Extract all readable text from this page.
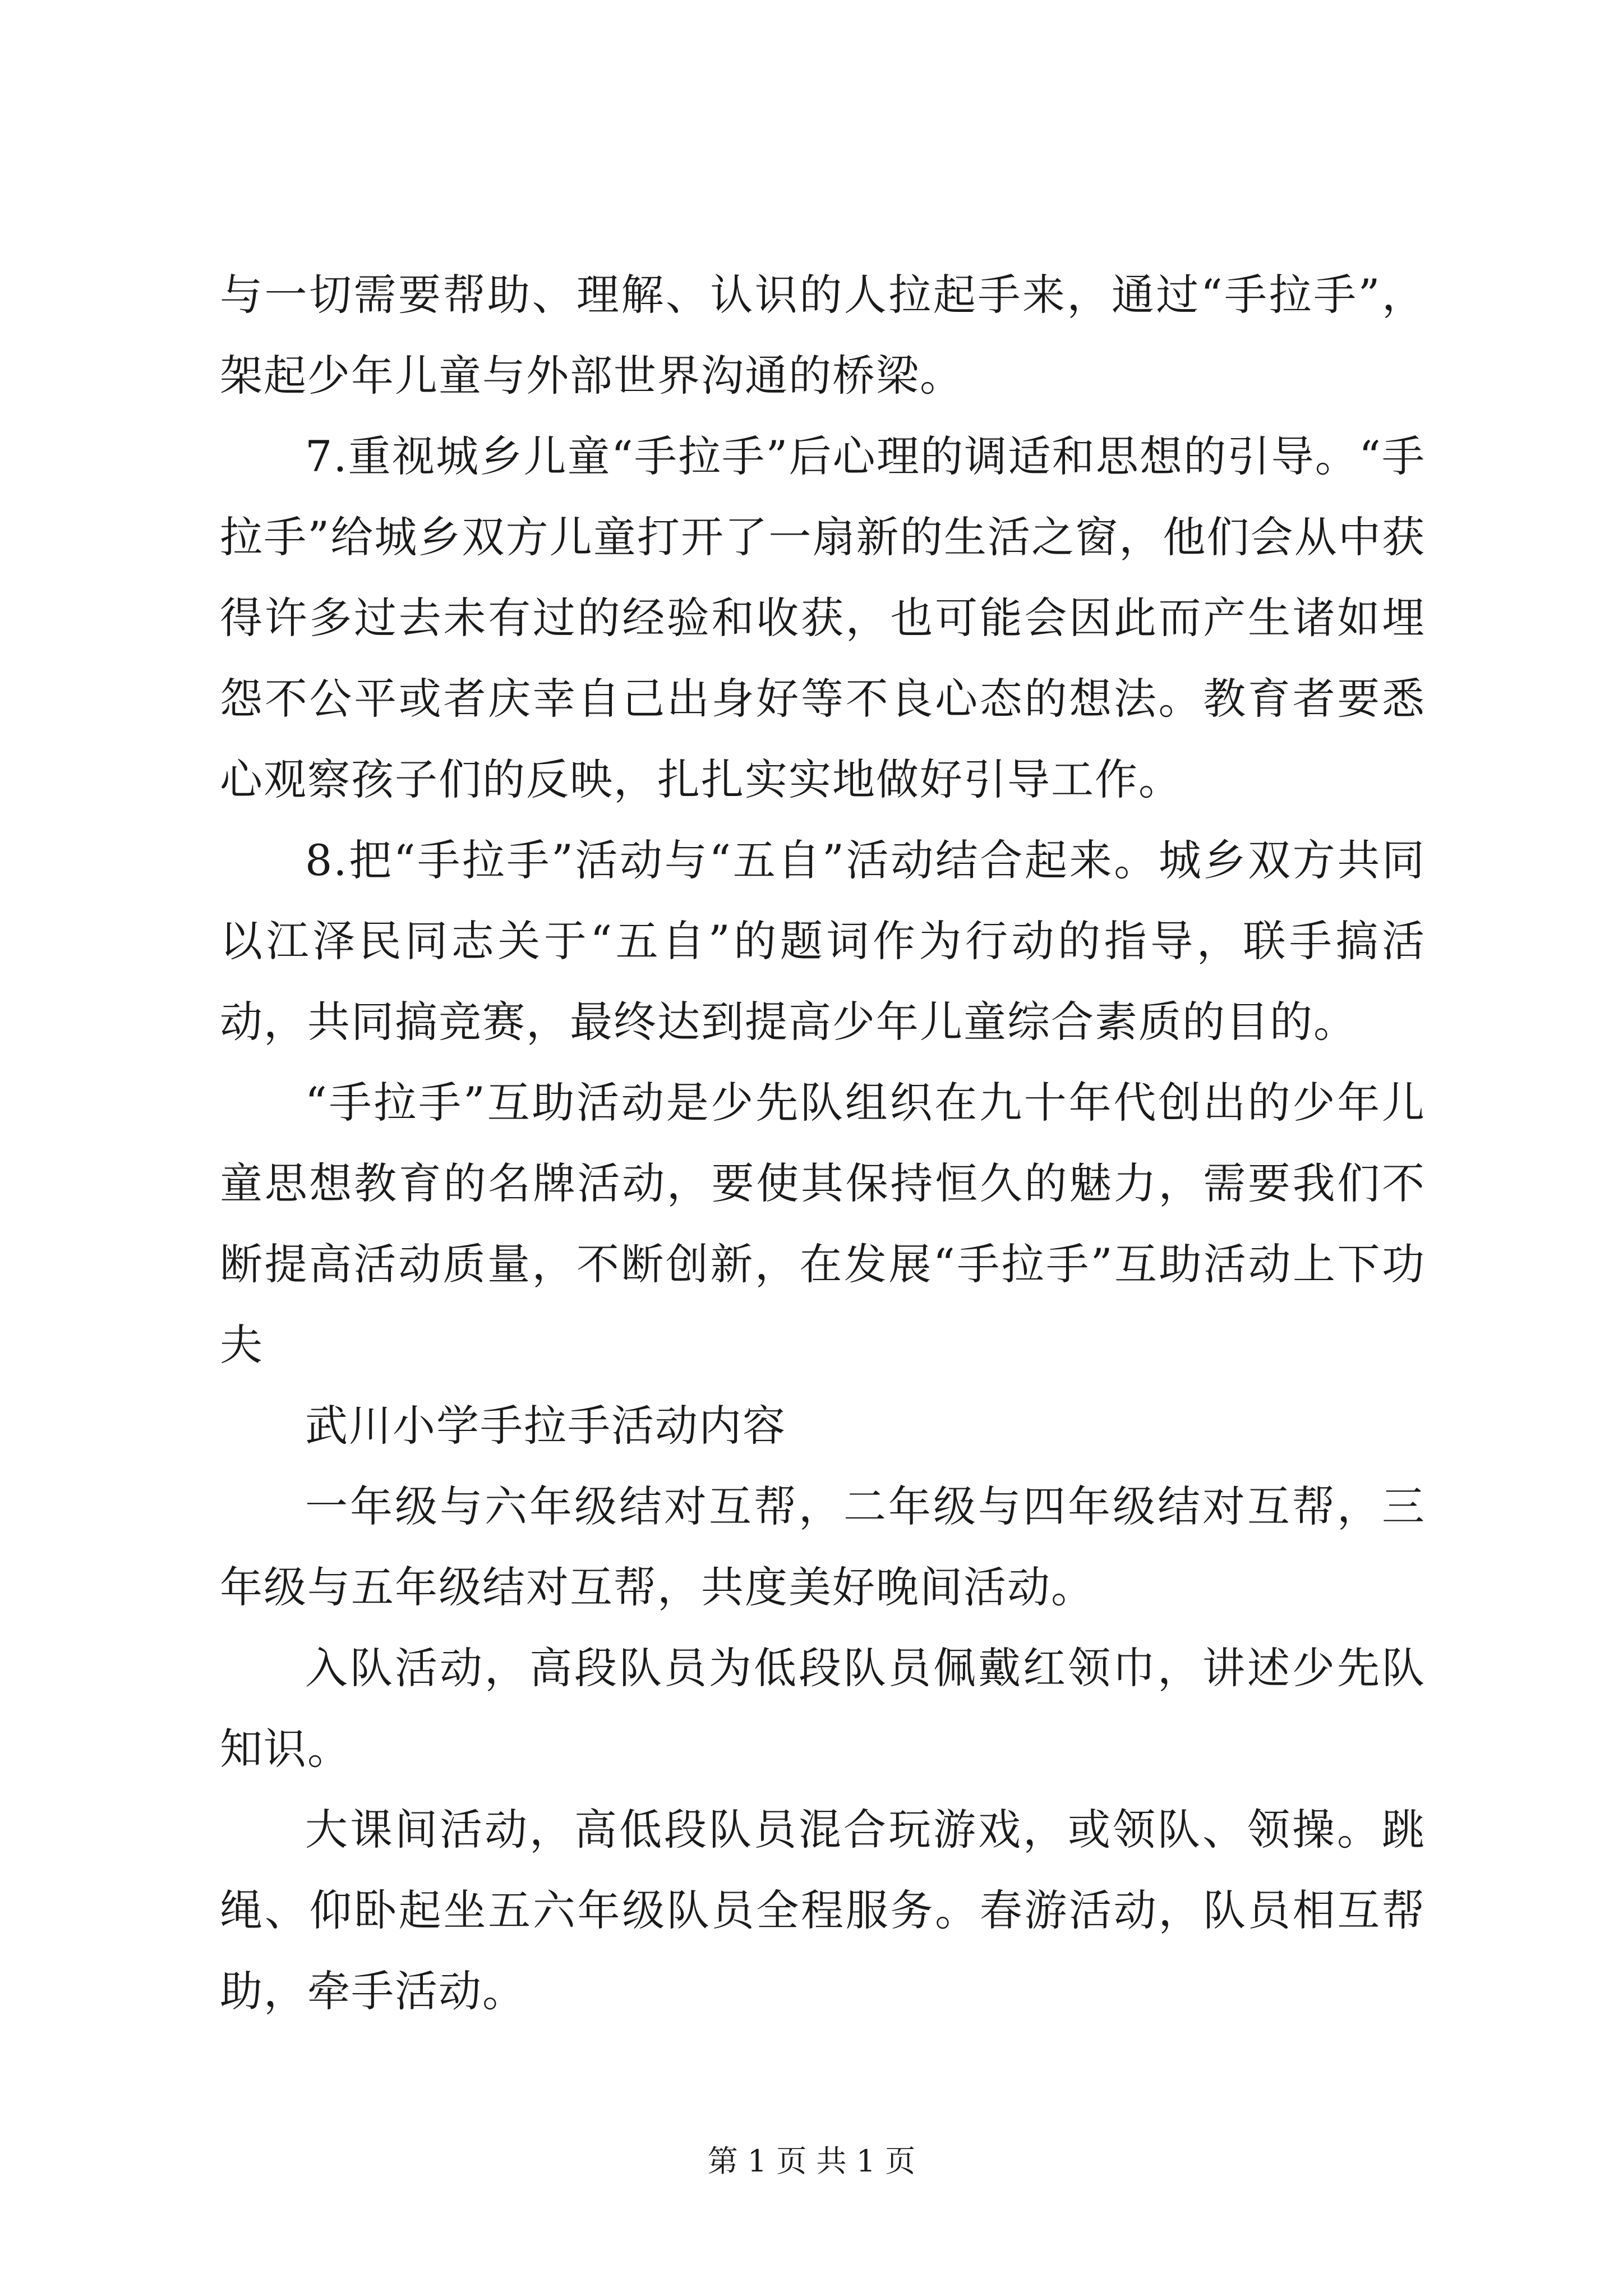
与一切需要帮助、理解、认识的人拉起手来，通过“手拉手”，架起少年儿童与外部世界沟通的桥梁。

7.重视城乡儿童“手拉手”后心理的调适和思想的引导。“手拉手”给城乡双方儿童打开了一扇新的生活之窗，他们会从中获得许多过去未有过的经验和收获，也可能会因此而产生诸如埋怨不公平或者庆幸自己出身好等不良心态的想法。教育者要悉心观察孩子们的反映，扎扎实实地做好引导工作。

8.把“手拉手”活动与“五自”活动结合起来。城乡双方共同以江泽民同志关于“五自”的题词作为行动的指导，联手搞活动，共同搞竞赛，最终达到提高少年儿童综合素质的目的。

“手拉手”互助活动是少先队组织在九十年代创出的少年儿童思想教育的名牌活动，要使其保持恒久的魅力，需要我们不断提高活动质量，不断创新，在发展“手拉手”互助活动上下功夫

武川小学手拉手活动内容

一年级与六年级结对互帮，二年级与四年级结对互帮，三年级与五年级结对互帮，共度美好晚间活动。

入队活动，高段队员为低段队员佩戴红领巾，讲述少先队知识。

大课间活动，高低段队员混合玩游戏，或领队、领操。跳绳、仰卧起坐五六年级队员全程服务。春游活动，队员相互帮助，牵手活动。

第 1 页 共 1 页
